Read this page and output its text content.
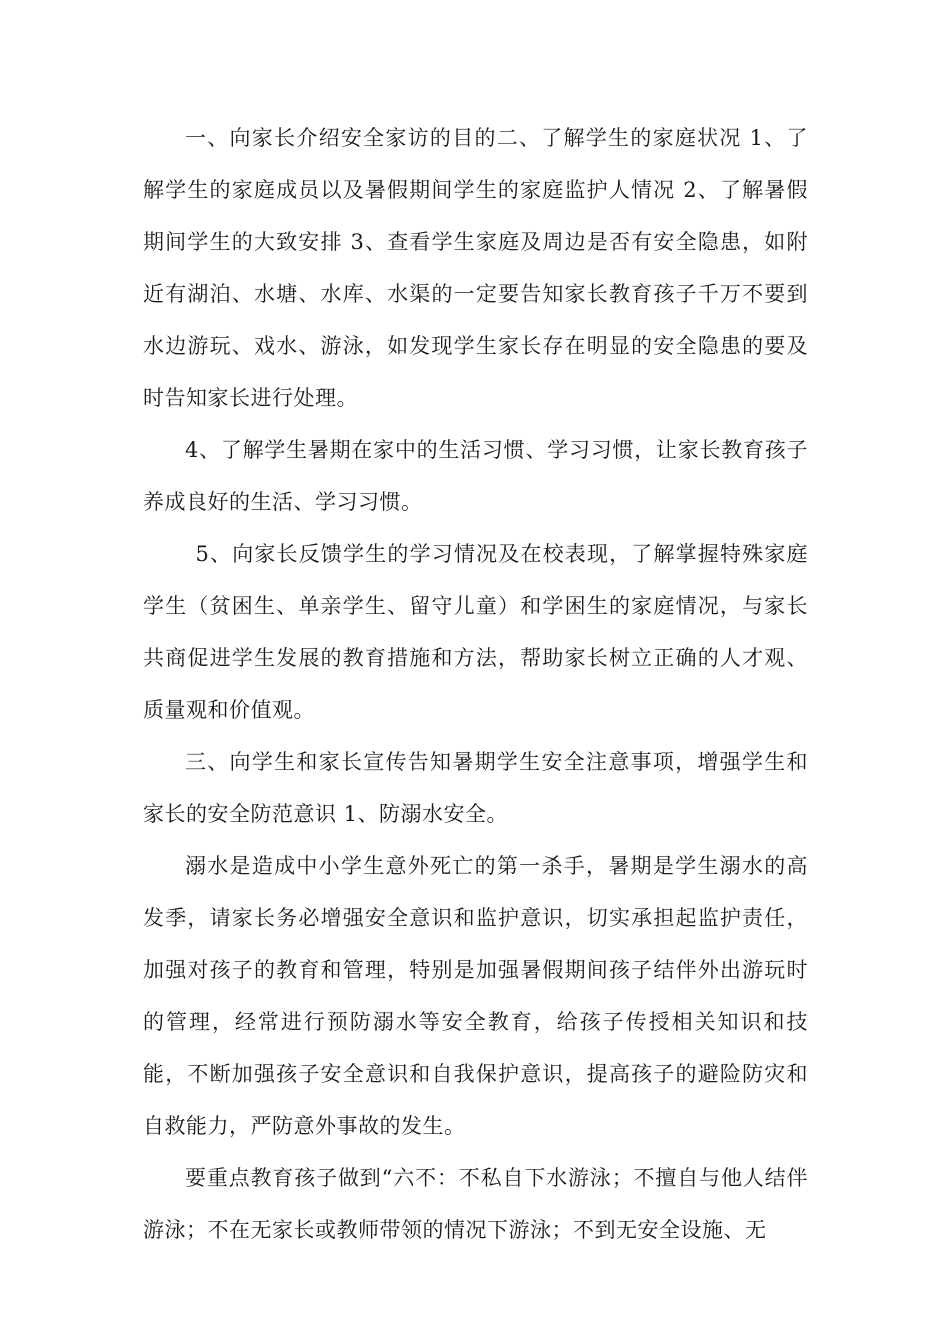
一、向家长介绍安全家访的目的二、了解学生的家庭状况 1、了解学生的家庭成员以及暑假期间学生的家庭监护人情况 2、了解暑假期间学生的大致安排 3、查看学生家庭及周边是否有安全隐患，如附近有湖泊、水塘、水库、水渠的一定要告知家长教育孩子千万不要到水边游玩、戏水、游泳，如发现学生家长存在明显的安全隐患的要及时告知家长进行处理。

4、了解学生暑期在家中的生活习惯、学习习惯，让家长教育孩子养成良好的生活、学习习惯。

5、向家长反馈学生的学习情况及在校表现，了解掌握特殊家庭学生（贫困生、单亲学生、留守儿童）和学困生的家庭情况，与家长共商促进学生发展的教育措施和方法，帮助家长树立正确的人才观、质量观和价值观。

三、向学生和家长宣传告知暑期学生安全注意事项，增强学生和家长的安全防范意识 1、防溺水安全。

溺水是造成中小学生意外死亡的第一杀手，暑期是学生溺水的高发季，请家长务必增强安全意识和监护意识，切实承担起监护责任，加强对孩子的教育和管理，特别是加强暑假期间孩子结伴外出游玩时的管理，经常进行预防溺水等安全教育，给孩子传授相关知识和技能，不断加强孩子安全意识和自我保护意识，提高孩子的避险防灾和自救能力，严防意外事故的发生。

要重点教育孩子做到“六不：不私自下水游泳；不擅自与他人结伴游泳；不在无家长或教师带领的情况下游泳；不到无安全设施、无
